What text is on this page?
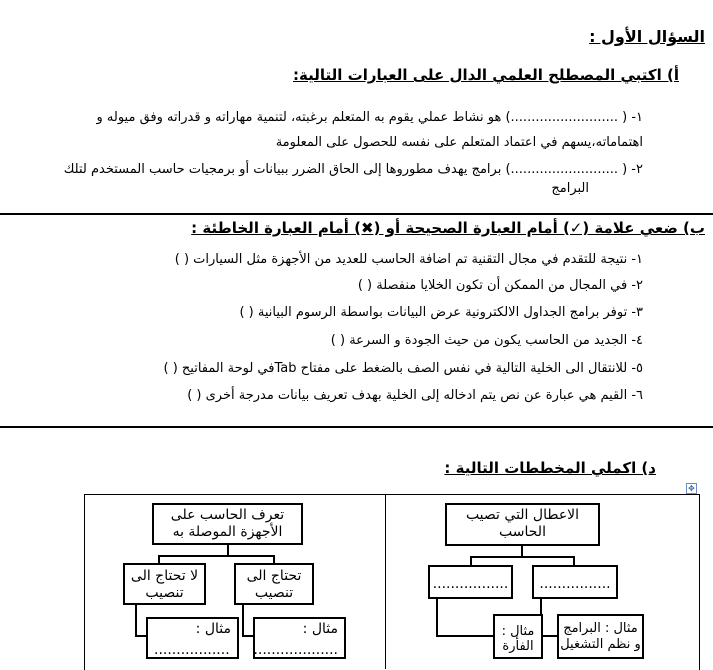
السؤال الأول :
أ) اكتبي المصطلح العلمي الدال على العبارات التالية:
١- ( ..........................) هو نشاط عملي يقوم به المتعلم برغبته، لتنمية مهاراته و قدراته وفق ميوله و
اهتماماته،يسهم في اعتماد المتعلم على نفسه للحصول على المعلومة
٢- ( ..........................) برامج يهدف مطوروها إلى الحاق الضرر ببيانات أو برمجيات حاسب المستخدم لتلك
البرامج
ب) ضعي علامة (✓) أمام العبارة الصحيحة أو (✖) أمام العبارة الخاطئة :
١- نتيجة للتقدم في مجال التقنية تم اضافة الحاسب للعديد من الأجهزة مثل السيارات ( )
٢- في المجال من الممكن أن تكون الخلايا منفصلة ( )
٣- توفر برامج الجداول الالكترونية عرض البيانات بواسطة الرسوم البيانية ( )
٤- الجديد من الحاسب يكون من حيث الجودة و السرعة ( )
٥- للانتقال الى الخلية التالية في نفس الصف بالضغط على مفتاح Tabفي لوحة المفاتيح ( )
٦- القيم هي عبارة عن نص يتم ادخاله إلى الخلية بهدف تعريف بيانات مدرجة أخرى ( )
د) اكملي المخططات التالية :
✥
الاعطال التي تصيب الحاسب
.................	................
مثال : الفأرة
مثال : البرامج و نظم التشغيل
تعرف الحاسب على الأجهزة الموصلة به
لا تحتاج الى تنصيب
تحتاج الى تنصيب
مثال :
.................
مثال :
...................
